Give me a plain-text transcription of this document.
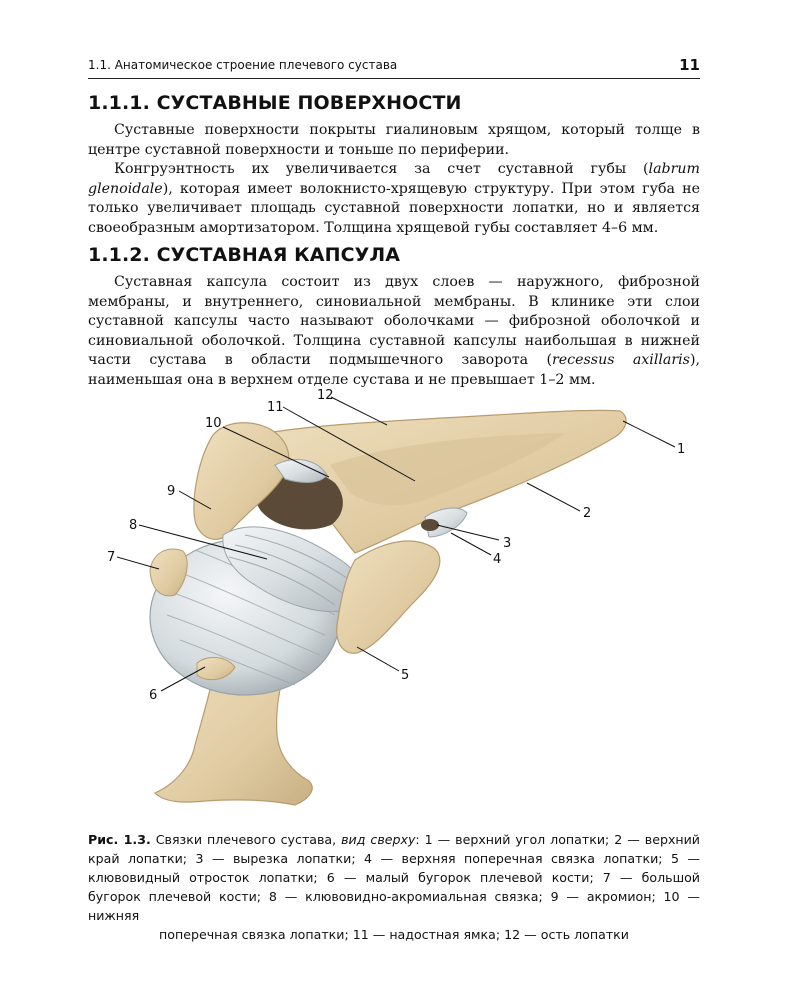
1.1. Анатомическое строение плечевого сустава	11
1.1.1. СУСТАВНЫЕ ПОВЕРХНОСТИ

Суставные поверхности покрыты гиалиновым хрящом, который толще в центре суставной поверхности и тоньше по периферии.

Конгруэнтность их увеличивается за счет суставной губы (labrum glenoidale), которая имеет волокнисто-хрящевую структуру. При этом губа не только увеличивает площадь суставной поверхности лопатки, но и является своеобразным амортизатором. Толщина хрящевой губы составляет 4–6 мм.

1.1.2. СУСТАВНАЯ КАПСУЛА

Суставная капсула состоит из двух слоев — наружного, фиброзной мембраны, и внутреннего, синовиальной мембраны. В клинике эти слои суставной капсулы часто называют оболочками — фиброзной оболочкой и синовиальной оболочкой. Толщина суставной капсулы наибольшая в нижней части сустава в области подмышечного заворота (recessus axillaris), наименьшая она в верхнем отделе сустава и не превышает 1–2 мм.

1
2
3
4
5
6
7
8
9
10
11
12
Рис. 1.3. Связки плечевого сустава, вид сверху: 1 — верхний угол лопатки; 2 — верхний край лопатки; 3 — вырезка лопатки; 4 — верхняя поперечная связка лопатки; 5 — клювовидный отросток лопатки; 6 — малый бугорок плечевой кости; 7 — большой бугорок плечевой кости; 8 — клювовидно-акромиальная связка; 9 — акромион; 10 — нижняя
поперечная связка лопатки; 11 — надостная ямка; 12 — ость лопатки
